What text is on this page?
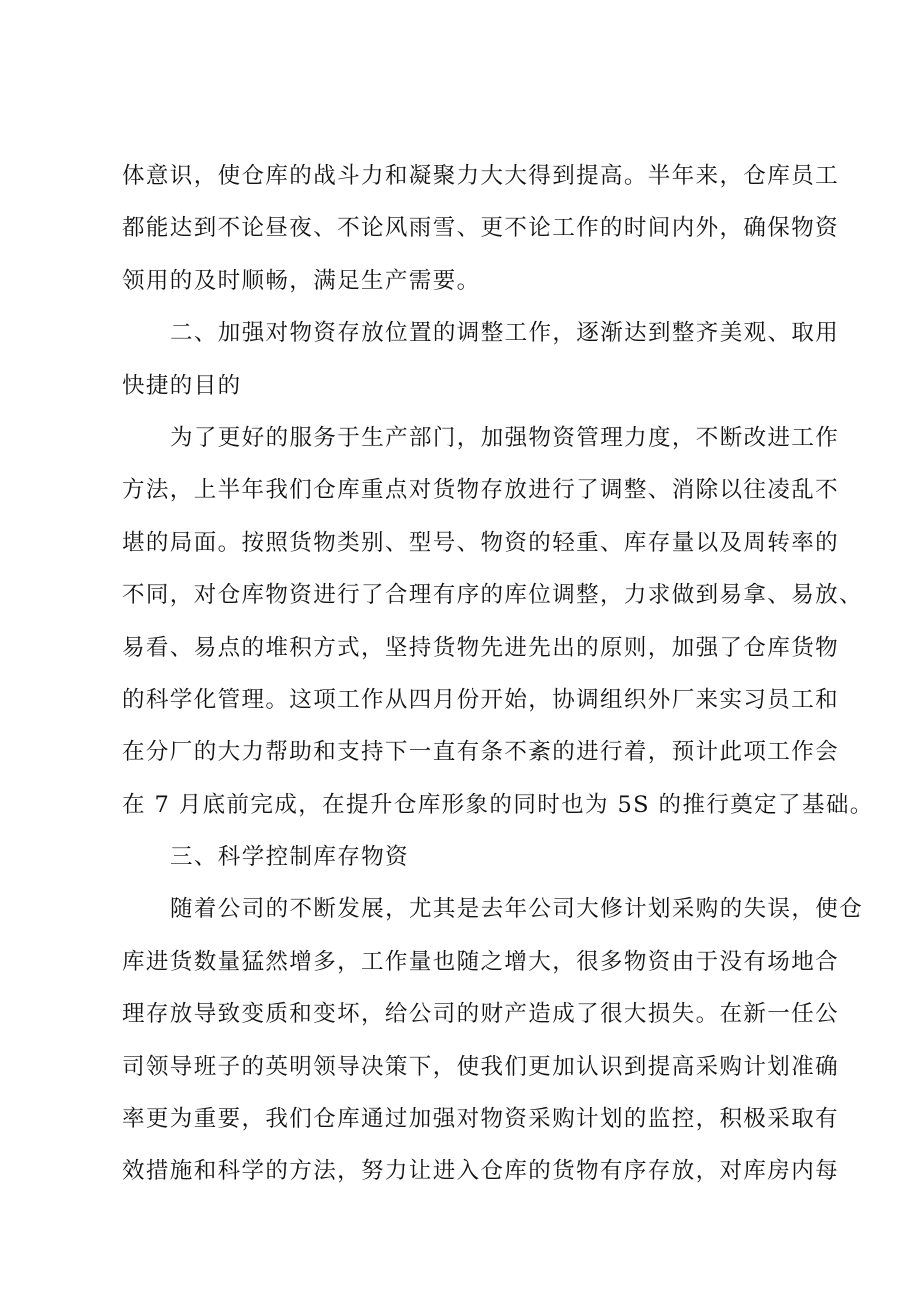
体意识，使仓库的战斗力和凝聚力大大得到提高。半年来，仓库员工
都能达到不论昼夜、不论风雨雪、更不论工作的时间内外，确保物资
领用的及时顺畅，满足生产需要。
二、加强对物资存放位置的调整工作，逐渐达到整齐美观、取用
快捷的目的
为了更好的服务于生产部门，加强物资管理力度，不断改进工作
方法，上半年我们仓库重点对货物存放进行了调整、消除以往凌乱不
堪的局面。按照货物类别、型号、物资的轻重、库存量以及周转率的
不同，对仓库物资进行了合理有序的库位调整，力求做到易拿、易放、
易看、易点的堆积方式，坚持货物先进先出的原则，加强了仓库货物
的科学化管理。这项工作从四月份开始，协调组织外厂来实习员工和
在分厂的大力帮助和支持下一直有条不紊的进行着，预计此项工作会
在 7 月底前完成，在提升仓库形象的同时也为 5S 的推行奠定了基础。
三、科学控制库存物资
随着公司的不断发展，尤其是去年公司大修计划采购的失误，使仓
库进货数量猛然增多，工作量也随之增大，很多物资由于没有场地合
理存放导致变质和变坏，给公司的财产造成了很大损失。在新一任公
司领导班子的英明领导决策下，使我们更加认识到提高采购计划准确
率更为重要，我们仓库通过加强对物资采购计划的监控，积极采取有
效措施和科学的方法，努力让进入仓库的货物有序存放，对库房内每
